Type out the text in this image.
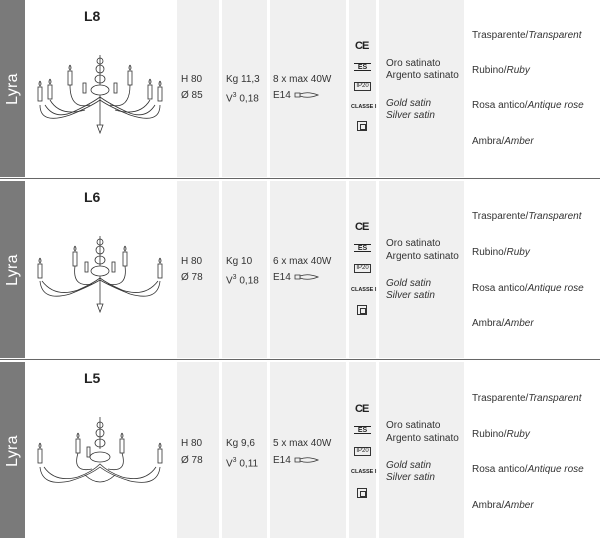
Lyra
L8
H 80
Ø 85
Kg 11,3
$V^3$ 0,18
8 x max 40W
E14
CE
ES
IP20
CLASSE I
Oro satinato
Argento satinato
Gold satin
Silver satin
Trasparente/Transparent
Rubino/Ruby
Rosa antico/Antique rose
Ambra/Amber
Lyra
L6
H 80
Ø 78
Kg 10
$V^3$ 0,18
6 x max 40W
E14
CE
ES
IP20
CLASSE I
Oro satinato
Argento satinato
Gold satin
Silver satin
Trasparente/Transparent
Rubino/Ruby
Rosa antico/Antique rose
Ambra/Amber
Lyra
L5
H 80
Ø 78
Kg 9,6
$V^3$ 0,11
5 x max 40W
E14
CE
ES
IP20
CLASSE I
Oro satinato
Argento satinato
Gold satin
Silver satin
Trasparente/Transparent
Rubino/Ruby
Rosa antico/Antique rose
Ambra/Amber
